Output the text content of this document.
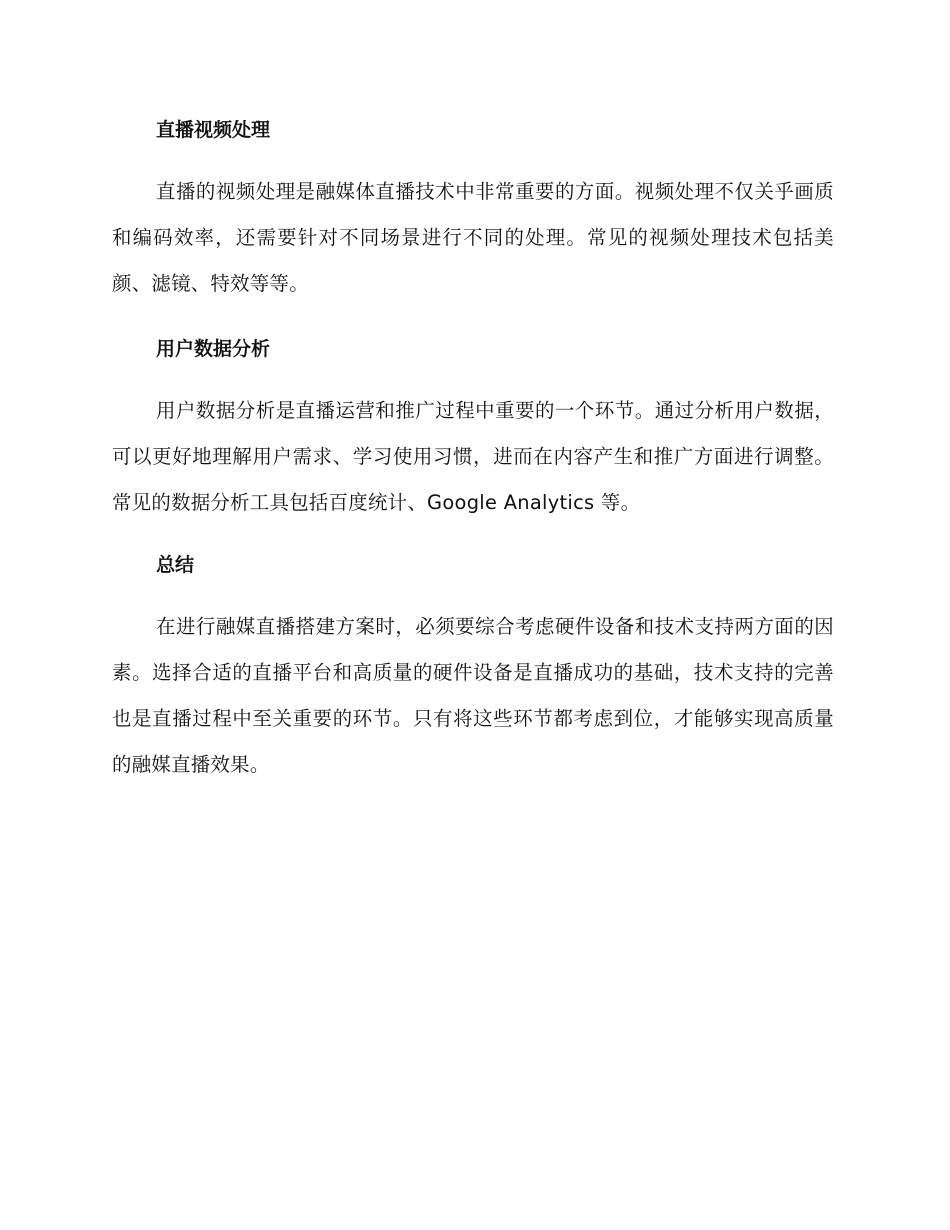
直播视频处理

直播的视频处理是融媒体直播技术中非常重要的方面。视频处理不仅关乎画质和编码效率，还需要针对不同场景进行不同的处理。常见的视频处理技术包括美颜、滤镜、特效等等。

用户数据分析

用户数据分析是直播运营和推广过程中重要的一个环节。通过分析用户数据，可以更好地理解用户需求、学习使用习惯，进而在内容产生和推广方面进行调整。常见的数据分析工具包括百度统计、Google Analytics 等。

总结

在进行融媒直播搭建方案时，必须要综合考虑硬件设备和技术支持两方面的因素。选择合适的直播平台和高质量的硬件设备是直播成功的基础，技术支持的完善也是直播过程中至关重要的环节。只有将这些环节都考虑到位，才能够实现高质量的融媒直播效果。
